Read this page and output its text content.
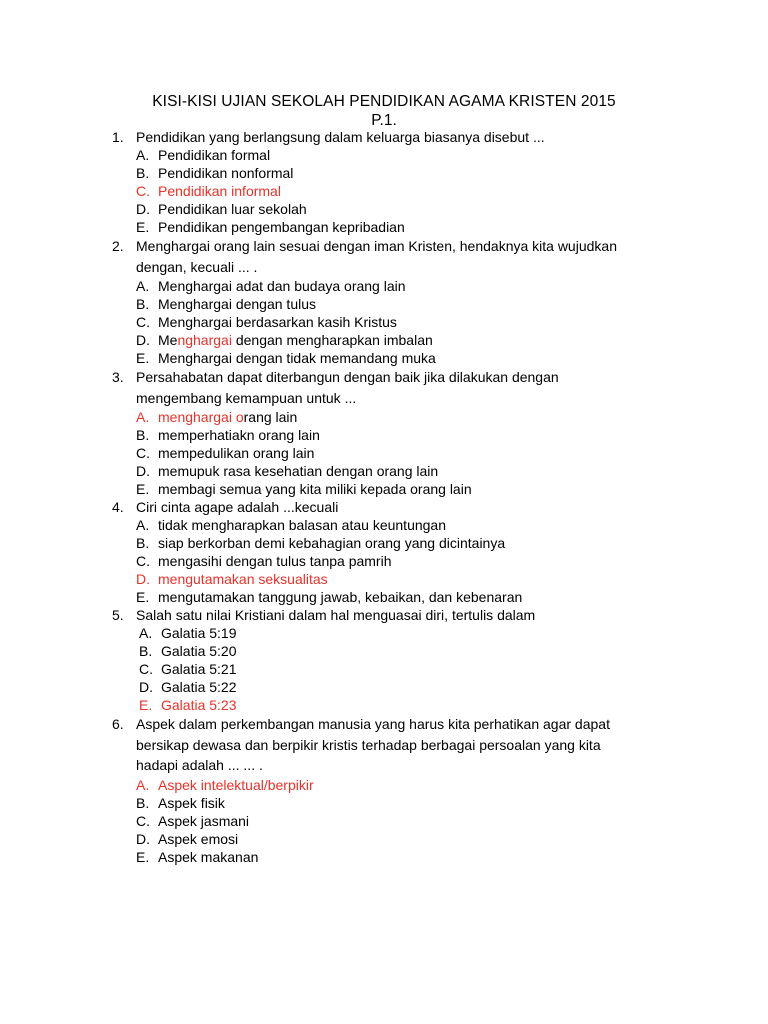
KISI-KISI UJIAN SEKOLAH PENDIDIKAN AGAMA KRISTEN 2015
P.1.
1. Pendidikan yang berlangsung dalam keluarga biasanya disebut ...
A. Pendidikan formal
B. Pendidikan nonformal
C. Pendidikan informal
D. Pendidikan luar sekolah
E. Pendidikan pengembangan kepribadian
2. Menghargai orang lain sesuai dengan iman Kristen, hendaknya kita wujudkan
dengan, kecuali ... .
A. Menghargai adat dan budaya orang lain
B. Menghargai dengan tulus
C. Menghargai berdasarkan kasih Kristus
D. Menghargai dengan mengharapkan imbalan
E. Menghargai dengan tidak memandang muka
3. Persahabatan dapat diterbangun dengan baik jika dilakukan dengan
mengembang kemampuan untuk ...
A. menghargai orang lain
B. memperhatiakn orang lain
C. mempedulikan orang lain
D. memupuk rasa kesehatian dengan orang lain
E. membagi semua yang kita miliki kepada orang lain
4. Ciri cinta agape adalah ...kecuali
A. tidak mengharapkan balasan atau keuntungan
B. siap berkorban demi kebahagian orang yang dicintainya
C. mengasihi dengan tulus tanpa pamrih
D. mengutamakan seksualitas
E. mengutamakan tanggung jawab, kebaikan, dan kebenaran
5. Salah satu nilai Kristiani dalam hal menguasai diri, tertulis dalam
A. Galatia 5:19
B. Galatia 5:20
C. Galatia 5:21
D. Galatia 5:22
E. Galatia 5:23
6. Aspek dalam perkembangan manusia yang harus kita perhatikan agar dapat
bersikap dewasa dan berpikir kristis terhadap berbagai persoalan yang kita
hadapi adalah ... ... .
A. Aspek intelektual/berpikir
B. Aspek fisik
C. Aspek jasmani
D. Aspek emosi
E. Aspek makanan
